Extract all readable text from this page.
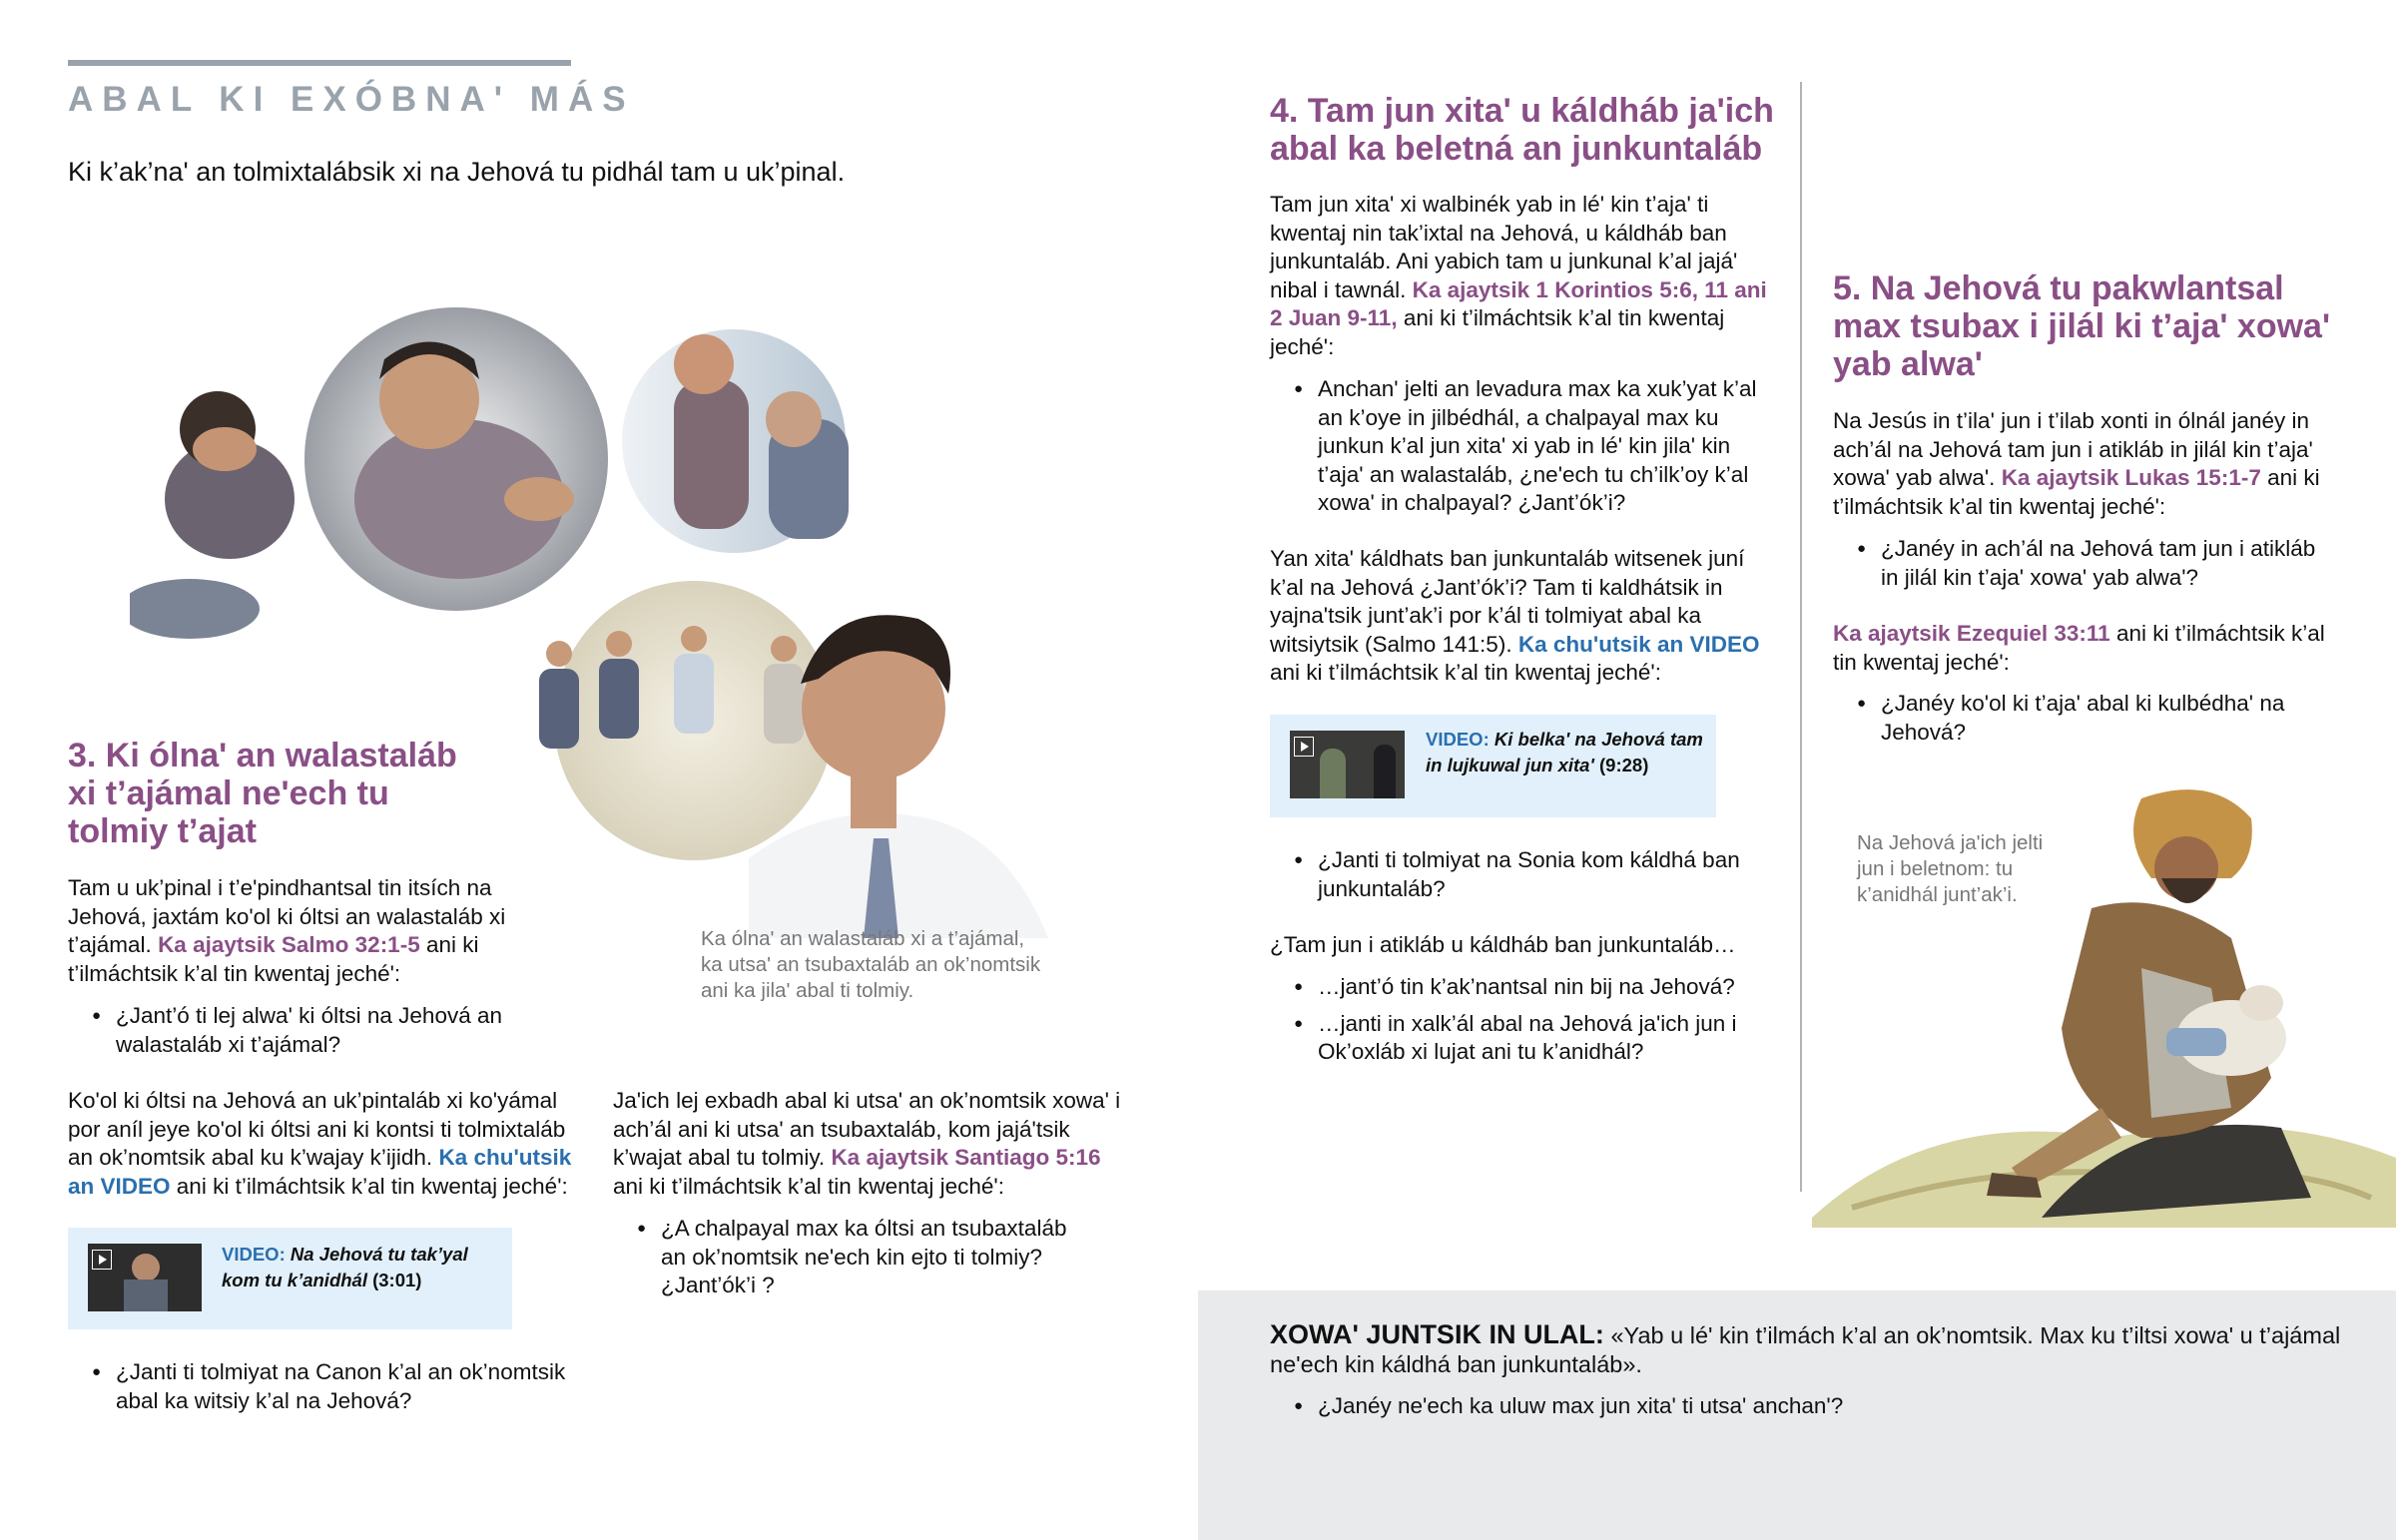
ABAL KI EXÓBNA' MÁS
Ki k’ak’na' an tolmixtalábsik xi na Jehová tu pidhál tam u uk’pinal.
Ka ólna' an walastaláb xi a t’ajámal, ka utsa' an tsubaxtaláb an ok’nomtsik ani ka jila' abal ti tolmiy.
3. Ki ólna' an walastaláb xi t’ajámal ne'ech tu tolmiy t’ajat
Tam u uk’pinal i t’e'pindhantsal tin itsích na Jehová, jaxtám ko'ol ki óltsi an walastaláb xi t’ajámal. Ka ajaytsik Salmo 32:1-5 ani ki t’ilmáchtsik k’al tin kwentaj jeché':
● ¿Jant’ó ti lej alwa' ki óltsi na Jehová an walastaláb xi t’ajámal?
Ko'ol ki óltsi na Jehová an uk’pintaláb xi ko'yámal por aníl jeye ko'ol ki óltsi ani ki kontsi ti tolmixtaláb an ok’nomtsik abal ku k’wajay k’ijidh. Ka chu'utsik an VIDEO ani ki t’ilmáchtsik k’al tin kwentaj jeché':
VIDEO: Na Jehová tu tak’yal kom tu k’anidhál (3:01)
● ¿Janti ti tolmiyat na Canon k’al an ok’nomtsik abal ka witsiy k’al na Jehová?
Ja'ich lej exbadh abal ki utsa' an ok’nomtsik xowa' i ach’ál ani ki utsa' an tsubaxtaláb, kom jajá'tsik k’wajat abal tu tolmiy. Ka ajaytsik Santiago 5:16 ani ki t’ilmáchtsik k’al tin kwentaj jeché':
● ¿A chalpayal max ka óltsi an tsubaxtaláb an ok’nomtsik ne'ech kin ejto ti tolmiy? ¿Jant’ók’i ?
4. Tam jun xita' u káldháb ja'ich abal ka beletná an junkuntaláb
Tam jun xita' xi walbinék yab in lé' kin t’aja' ti kwentaj nin tak’ixtal na Jehová, u káldháb ban junkuntaláb. Ani yabich tam u junkunal k’al jajá' nibal i tawnál. Ka ajaytsik 1 Korintios 5:6, 11 ani 2 Juan 9-11, ani ki t’ilmáchtsik k’al tin kwentaj jeché':
● Anchan' jelti an levadura max ka xuk’yat k’al an k’oye in jilbédhál, a chalpayal max ku junkun k’al jun xita' xi yab in lé' kin jila' kin t’aja' an walastaláb, ¿ne'ech tu ch’ilk’oy k’al xowa' in chalpayal? ¿Jant’ók’i?
Yan xita' káldhats ban junkuntaláb witsenek juní k’al na Jehová ¿Jant’ók’i? Tam ti kaldhátsik in yajna'tsik junt’ak’i por k’ál ti tolmiyat abal ka witsiytsik (Salmo 141:5). Ka chu'utsik an VIDEO ani ki t’ilmáchtsik k’al tin kwentaj jeché':
VIDEO: Ki belka' na Jehová tam in lujkuwal jun xita' (9:28)
● ¿Janti ti tolmiyat na Sonia kom káldhá ban junkuntaláb?
¿Tam jun i atikláb u káldháb ban junkuntaláb…
● …jant’ó tin k’ak’nantsal nin bij na Jehová?
● …janti in xalk’ál abal na Jehová ja'ich jun i Ok’oxláb xi lujat ani tu k’anidhál?
5. Na Jehová tu pakwlantsal max tsubax i jilál ki t’aja' xowa' yab alwa'
Na Jesús in t’ila' jun i t’ilab xonti in ólnál janéy in ach’ál na Jehová tam jun i atikláb in jilál kin t’aja' xowa' yab alwa'. Ka ajaytsik Lukas 15:1-7 ani ki t’ilmáchtsik k’al tin kwentaj jeché':
● ¿Janéy in ach’ál na Jehová tam jun i atikláb in jilál kin t’aja' xowa' yab alwa'?
Ka ajaytsik Ezequiel 33:11 ani ki t’ilmáchtsik k’al tin kwentaj jeché':
● ¿Janéy ko'ol ki t’aja' abal ki kulbédha' na Jehová?
Na Jehová ja'ich jelti jun i beletnom: tu k’anidhál junt’ak’i.
XOWA' JUNTSIK IN ULAL: «Yab u lé' kin t’ilmách k’al an ok’nomtsik. Max ku t’iltsi xowa' u t’ajámal ne'ech kin káldhá ban junkuntaláb».
● ¿Janéy ne'ech ka uluw max jun xita' ti utsa' anchan'?
